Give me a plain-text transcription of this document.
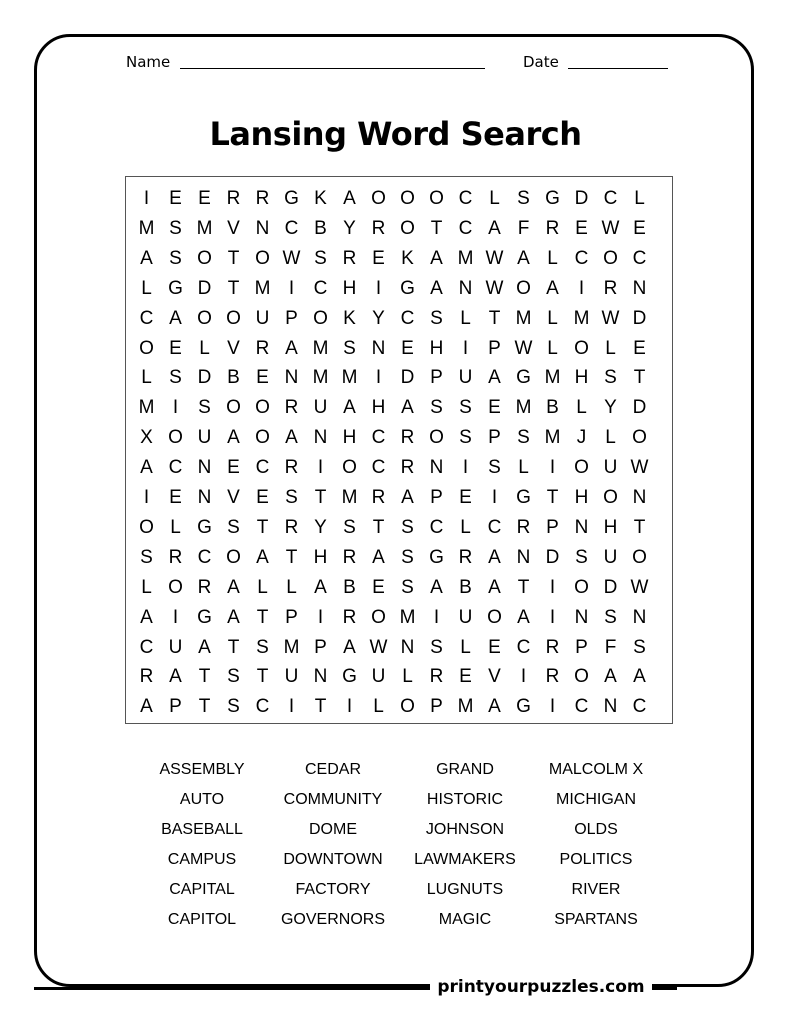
Name	Date
Lansing Word Search
I	E E R R G K A O O O C L S G D C L
M S M V N C B Y R O T C A F R E W E
A S O T O W S R E K A M W A L C O C
L G D T M I	C H	I G A N W O A	I	R N
C A O O U P O K Y C S L T M L M W D
O E L V R A M S N E H	I	P W L O L E
L S D B E N M M I	D P U A G M H S T
M I	S O O R U A H A S S E M B L Y D
X O U A O A N H C R O S P S M J L O
A C N E C R	I O C R N	I	S L	I O U W
I	E N V E S T M R A P E	I G T H O N
O L G S T R Y S T S C L C R P N H T
S R C O A T H R A S G R A N D S U O
L O R A L L A B E S A B A T	I O D W
A	I G A T P	I	R O M I	U O A	I	N S N
C U A T S M P A W N S L E C R P F S
R A T S T U N G U L R E V	I	R O A A
A P T S C	I	T	I	L O P M A G I	C N C
ASSEMBLY	CEDAR	GRAND	MALCOLM X
AUTO	COMMUNITY	HISTORIC	MICHIGAN
BASEBALL	DOME	JOHNSON	OLDS
CAMPUS	DOWNTOWN	LAWMAKERS	POLITICS
CAPITAL	FACTORY	LUGNUTS	RIVER
CAPITOL	GOVERNORS	MAGIC	SPARTANS
printyourpuzzles.com
